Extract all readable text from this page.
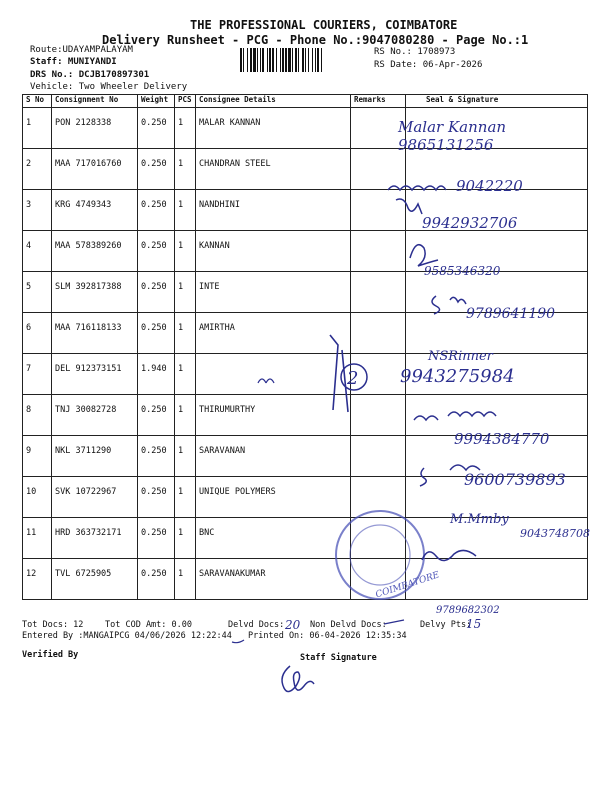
THE PROFESSIONAL COURIERS, COIMBATORE
Delivery Runsheet - PCG - Phone No.:9047080280 - Page No.:1
Route:UDAYAMPALAYAM
Staff: MUNIYANDI
DRS No.: DCJB170897301
Vehicle: Two Wheeler Delivery
RS No.: 1708973
RS Date: 06-Apr-2026
S No	Consignment No	Weight	PCS	Consignee Details	Remarks	Seal & Signature
1	PON 2128338	0.250	1	MALAR KANNAN		
2	MAA 717016760	0.250	1	CHANDRAN STEEL		
3	KRG 4749343	0.250	1	NANDHINI		
4	MAA 578389260	0.250	1	KANNAN		
5	SLM 392817388	0.250	1	INTE		
6	MAA 716118133	0.250	1	AMIRTHA		
7	DEL 912373151	1.940	1			
8	TNJ 30082728	0.250	1	THIRUMURTHY		
9	NKL 3711290	0.250	1	SARAVANAN		
10	SVK 10722967	0.250	1	UNIQUE POLYMERS		
11	HRD 363732171	0.250	1	BNC		
12	TVL 6725905	0.250	1	SARAVANAKUMAR		
Tot Docs: 12	Tot COD Amt: 0.00	Delvd Docs:	Non Delvd Docs:	Delvy Pts:
Entered By :MANGAIPCG 04/06/2026 12:22:44 Printed On: 06-04-2026 12:35:34
Verified By	Staff Signature
2
COIMBATORE
Malar Kannan
9865131256
9042220
9942932706
9585346320
9789641190
NSRinner
9943275984
9994384770
9600739893
M.Mmby
9043748708
9789682302
20	15
